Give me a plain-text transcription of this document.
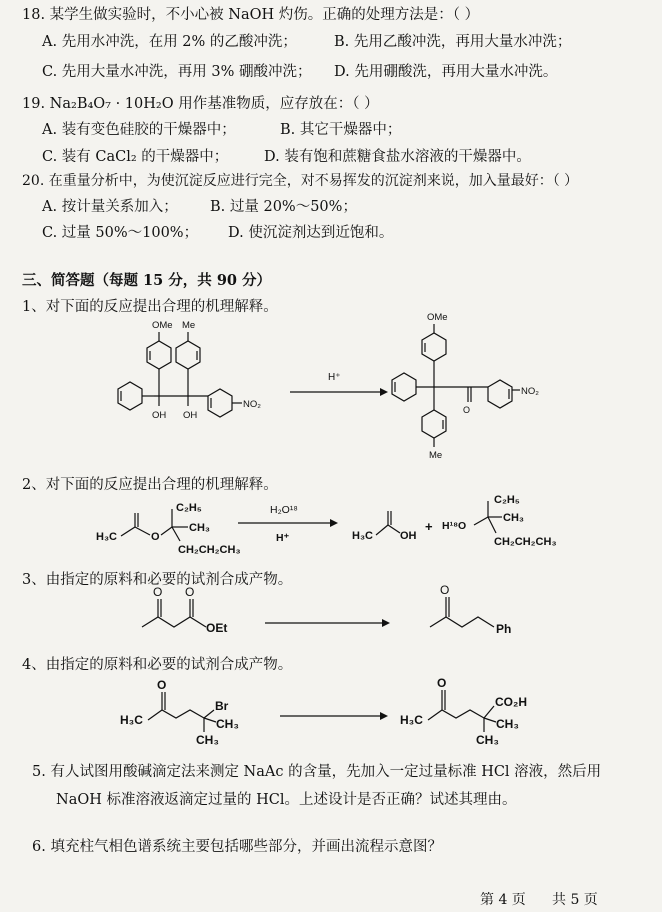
18. 某学生做实验时，不小心被 NaOH 灼伤。正确的处理方法是：（ ）
A. 先用水冲洗，在用 2% 的乙酸冲洗；	B. 先用乙酸冲洗，再用大量水冲洗；
C. 先用大量水冲洗，再用 3% 硼酸冲洗； D. 先用硼酸洗，再用大量水冲洗。
19. Na₂B₄O₇ · 10H₂O 用作基准物质，应存放在：（ ）
A. 装有变色硅胶的干燥器中；	B. 其它干燥器中；
C. 装有 CaCl₂ 的干燥器中； D. 装有饱和蔗糖食盐水溶液的干燥器中。
20. 在重量分析中，为使沉淀反应进行完全，对不易挥发的沉淀剂来说，加入量最好：（ ）
A. 按计量关系加入； B. 过量 20%～50%；
C. 过量 50%～100%； D. 使沉淀剂达到近饱和。
三、简答题（每题 15 分，共 90 分）
1、对下面的反应提出合理的机理解释。
OMe
OH
Me
OH
NO₂
H⁺
OMe
Me
O
NO₂
2、对下面的反应提出合理的机理解释。
H₃C	O
C₂H₅
CH₃
CH₂CH₂CH₃
H₂O¹⁸
H⁺	H₃C OH
+ H¹⁸O
C₂H₅
CH₃
CH₂CH₂CH₃
3、由指定的原料和必要的试剂合成产物。
O O
OEt
O
Ph
4、由指定的原料和必要的试剂合成产物。
H₃C
O
Br
CH₃
CH₃
H₃C
O
CO₂H
CH₃
CH₃
5. 有人试图用酸碱滴定法来测定 NaAc 的含量，先加入一定过量标准 HCl 溶液，然后用
NaOH 标准溶液返滴定过量的 HCl。上述设计是否正确？试述其理由。
6. 填充柱气相色谱系统主要包括哪些部分，并画出流程示意图？
第 4 页 共 5 页
